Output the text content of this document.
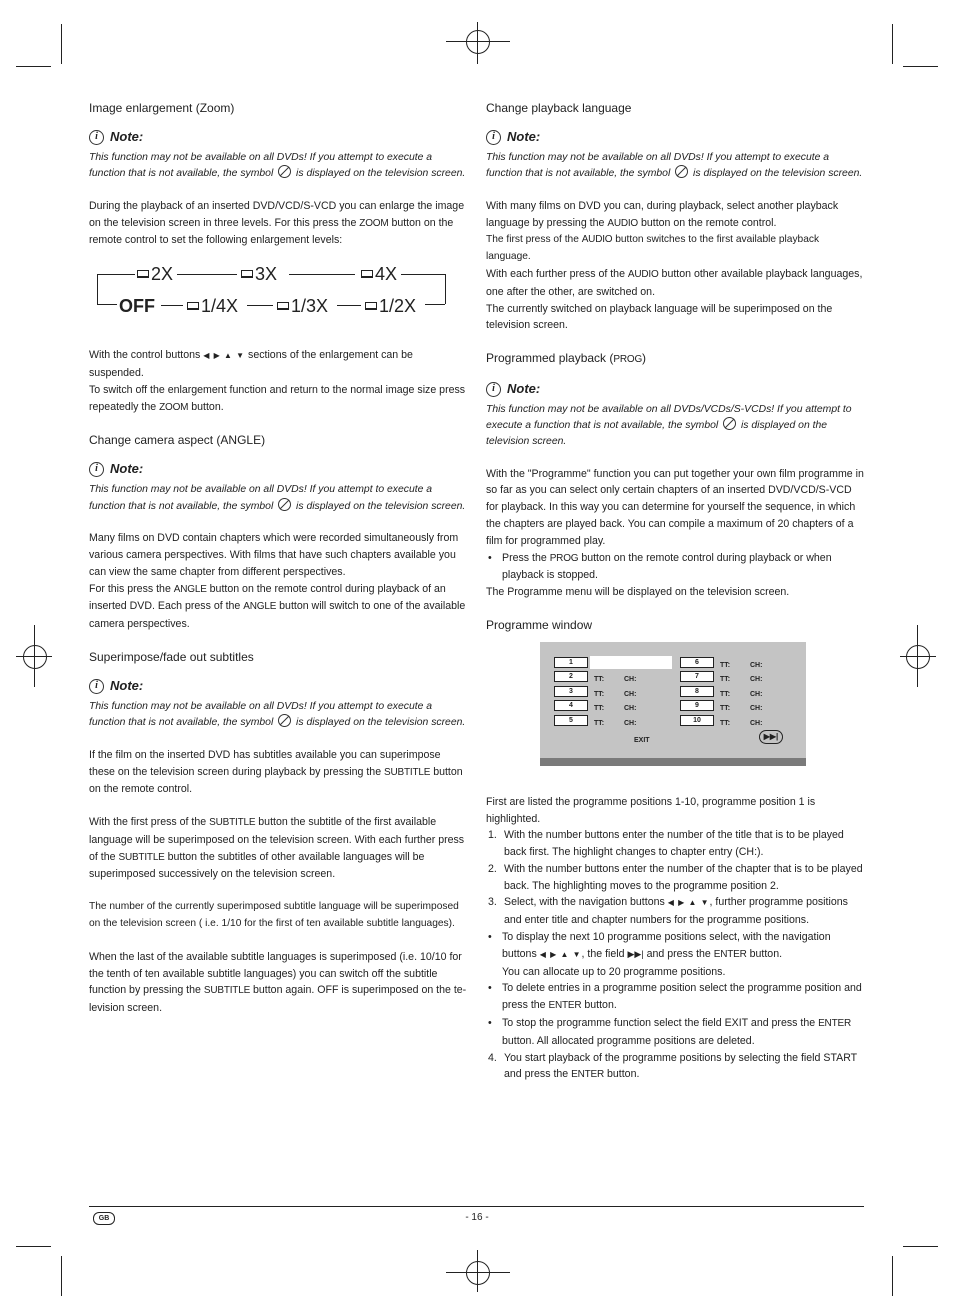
Image enlargement (Zoom)
i Note:
This function may not be available on all DVDs! If you attempt to execute a function that is not available, the symbol is displayed on the television screen.

During the playback of an inserted DVD/VCD/S-VCD you can enlarge the image on the television screen in three levels. For this press the ZOOM button on the remote control to set the following enlargement levels:

2X	3X	4X
OFF	1/4X	1/3X	1/2X
With the control buttons ◀ ▶ ▲ ▼ sections of the enlargement can be suspended.

To switch off the enlargement function and return to the normal image size press repeatedly the ZOOM button.

Change camera aspect (ANGLE)
i Note:
This function may not be available on all DVDs! If you attempt to execute a function that is not available, the symbol is displayed on the television screen.
Many films on DVD contain chapters which were recorded simultaneously from various camera perspectives. With films that have such chapters available you can view the same chapter from different perspectives.

For this press the ANGLE button on the remote control during playback of an inserted DVD. Each press of the ANGLE button will switch to one of the available camera perspectives.

Superimpose/fade out subtitles
i Note:
This function may not be available on all DVDs! If you attempt to execute a function that is not available, the symbol is displayed on the television screen.

If the film on the inserted DVD has subtitles available you can superimpose these on the television screen during playback by pressing the SUBTITLE button on the remote control.

With the first press of the SUBTITLE button the subtitle of the first available language will be superimposed on the television screen. With each further press of the SUBTITLE button the subtitles of other available languages will be superimposed successively on the television screen.

The number of the currently superimposed subtitle language will be superimposed on the television screen ( i.e. 1/10 for the first of ten available subtitle languages).

When the last of the available subtitle languages is superimposed (i.e. 10/10 for the tenth of ten available subtitle languages) you can switch off the subtitle function by pressing the SUBTITLE button again. OFF is superimposed on the te-levision screen.

Change playback language
i Note:
This function may not be available on all DVDs! If you attempt to execute a function that is not available, the symbol is displayed on the television screen.
With many films on DVD you can, during playback, select another playback language by pressing the AUDIO button on the remote control.
The first press of the AUDIO button switches to the first available playback language.
With each further press of the AUDIO button other available playback languages, one after the other, are switched on.

The currently switched on playback language will be superimposed on the television screen.

Programmed playback (PROG)
i Note:
This function may not be available on all DVDs/VCDs/S-VCDs! If you attempt to execute a function that is not available, the symbol is displayed on the television screen.
With the "Programme" function you can put together your own film programme in so far as you can select only certain chapters of an inserted DVD/VCD/S-VCD for playback. In this way you can determine for yourself the sequence, in which the chapters are played back. You can compile a maximum of 20 chapters of a film for programmed play.
• Press the PROG button on the remote control during playback or when playback is stopped.

The Programme menu will be displayed on the television screen.

Programme window
1
2	TT:	CH:
3	TT:	CH:
4	TT:	CH:
5	TT:	CH:
6	TT:	CH:
7	TT:	CH:
8	TT:	CH:
9	TT:	CH:
10	TT:	CH:
EXIT	▶▶|
First are listed the programme positions 1-10, programme position 1 is highlighted.
1. With the number buttons enter the number of the title that is to be played back first. The highlight changes to chapter entry (CH:).
2. With the number buttons enter the number of the chapter that is to be played back. The highlighting moves to the programme position 2.
3. Select, with the navigation buttons ◀ ▶ ▲ ▼, further programme positions and enter title and chapter numbers for the programme positions.
• To display the next 10 programme positions select, with the navigation buttons ◀ ▶ ▲ ▼, the field ▶▶| and press the ENTER button.
You can allocate up to 20 programme positions.
• To delete entries in a programme position select the programme position and press the ENTER button.
• To stop the programme function select the field EXIT and press the ENTER button. All allocated programme positions are deleted.
4. You start playback of the programme positions by selecting the field START and press the ENTER button.
GB	- 16 -
